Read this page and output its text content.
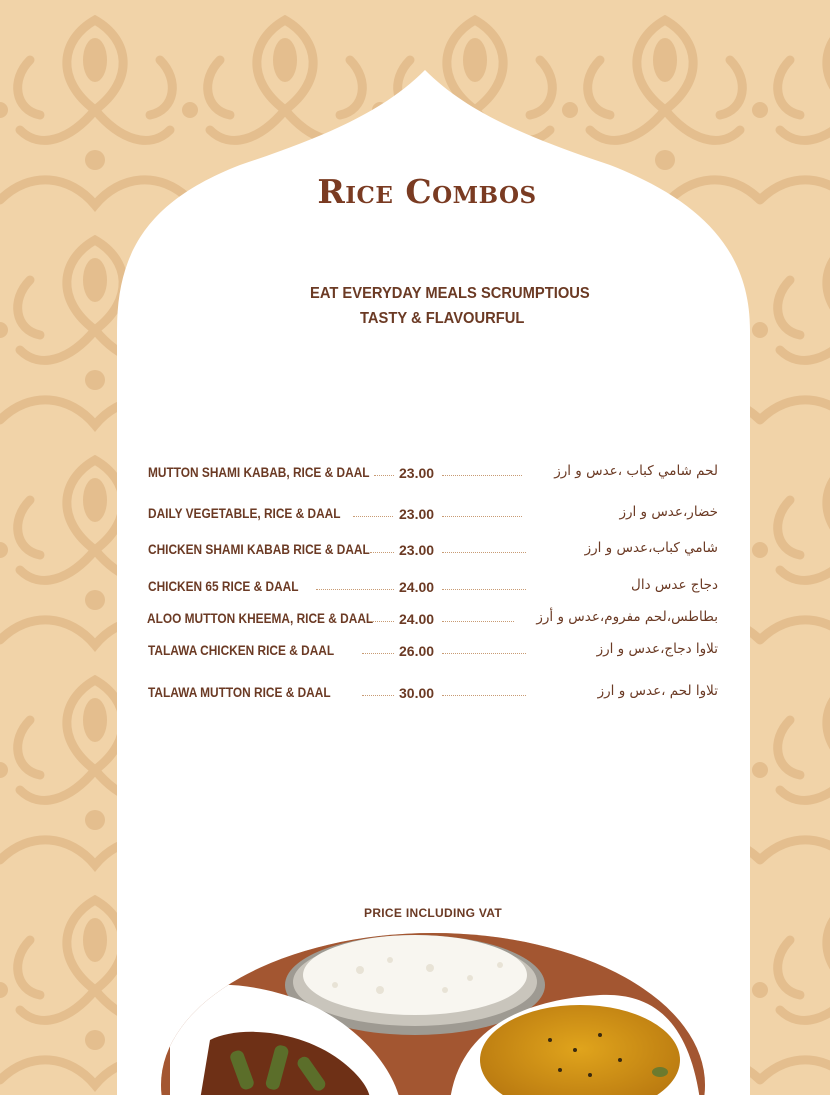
Rice Combos
EAT EVERYDAY MEALS SCRUMPTIOUS
TASTY & FLAVOURFUL
MUTTON SHAMI KABAB, RICE & DAAL 23.00	لحم شامي كباب ،عدس و ارز
DAILY VEGETABLE, RICE & DAAL	23.00	خضار،عدس و ارز
CHICKEN SHAMI KABAB RICE & DAAL 23.00	شامي كباب،عدس و ارز
CHICKEN 65 RICE & DAAL	24.00	دجاج عدس دال
ALOO MUTTON KHEEMA, RICE & DAAL 24.00	بطاطس،لحم مفروم،عدس و أرز
TALAWA CHICKEN RICE & DAAL	26.00	تلاوا دجاج،عدس و ارز
TALAWA MUTTON RICE & DAAL	30.00	تلاوا لحم ،عدس و ارز
PRICE INCLUDING VAT
